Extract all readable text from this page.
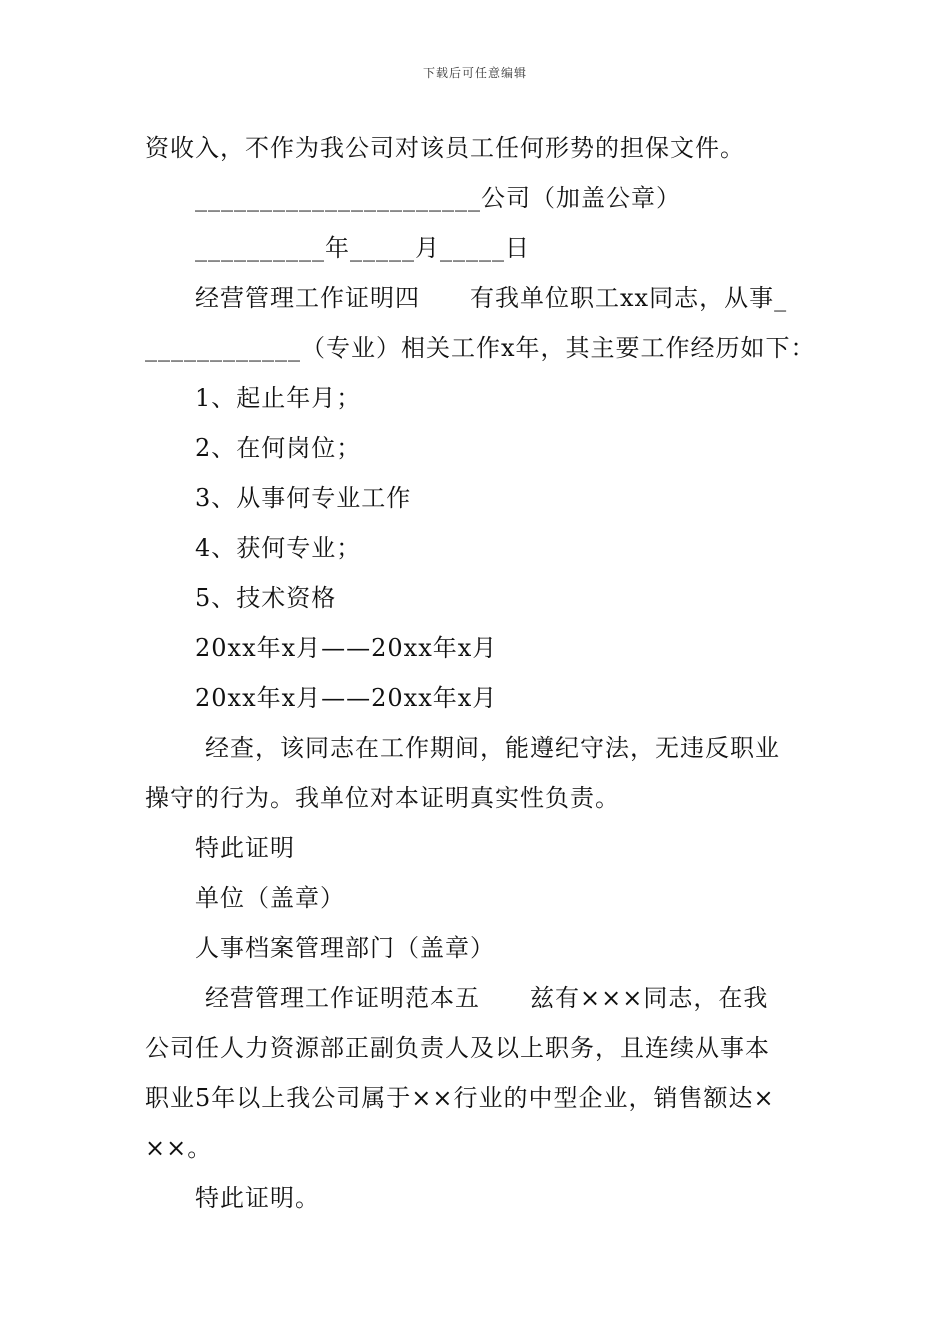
下载后可任意编辑
资收入，不作为我公司对该员工任何形势的担保文件。
______________________公司（加盖公章）
__________年_____月_____日
经营管理工作证明四　　有我单位职工xx同志，从事_
____________（专业）相关工作x年，其主要工作经历如下：
1、起止年月；
2、在何岗位；
3、从事何专业工作
4、获何专业；
5、技术资格
20xx年x月——20xx年x月
20xx年x月——20xx年x月
经查，该同志在工作期间，能遵纪守法，无违反职业
操守的行为。我单位对本证明真实性负责。
特此证明
单位（盖章）
人事档案管理部门（盖章）
经营管理工作证明范本五　　兹有×××同志，在我
公司任人力资源部正副负责人及以上职务，且连续从事本
职业5年以上我公司属于××行业的中型企业，销售额达×
××。
特此证明。
